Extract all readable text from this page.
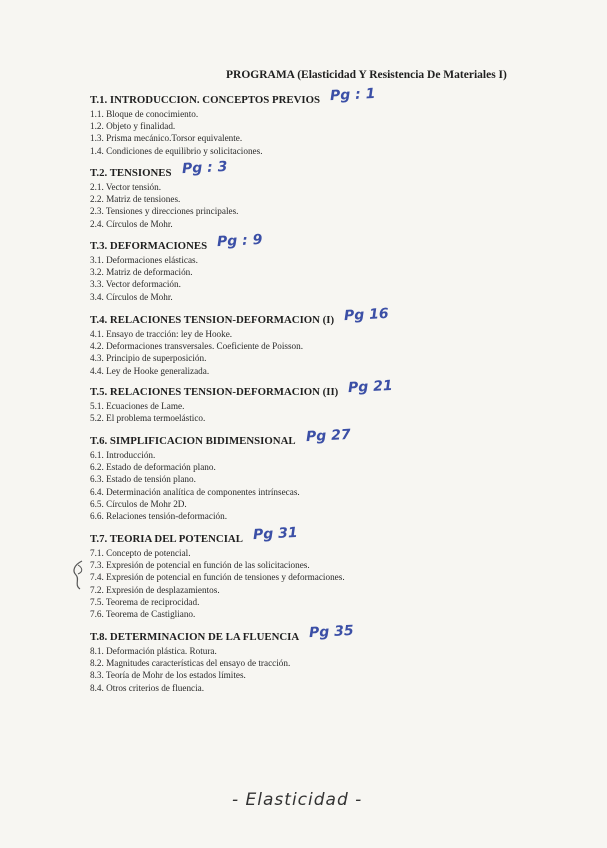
PROGRAMA (Elasticidad Y Resistencia De Materiales I)
T.1. INTRODUCCION. CONCEPTOS PREVIOS Pg : 1
1.1. Bloque de conocimiento.
1.2. Objeto y finalidad.
1.3. Prisma mecánico.Torsor equivalente.
1.4. Condiciones de equilibrio y solicitaciones.
T.2. TENSIONES Pg : 3
2.1. Vector tensión.
2.2. Matriz de tensiones.
2.3. Tensiones y direcciones principales.
2.4. Círculos de Mohr.
T.3. DEFORMACIONES Pg : 9
3.1. Deformaciones elásticas.
3.2. Matriz de deformación.
3.3. Vector deformación.
3.4. Círculos de Mohr.
T.4. RELACIONES TENSION-DEFORMACION (I) Pg 16
4.1. Ensayo de tracción: ley de Hooke.
4.2. Deformaciones transversales. Coeficiente de Poisson.
4.3. Principio de superposición.
4.4. Ley de Hooke generalizada.
T.5. RELACIONES TENSION-DEFORMACION (II) Pg 21
5.1. Ecuaciones de Lame.
5.2. El problema termoelástico.
T.6. SIMPLIFICACION BIDIMENSIONAL Pg 27
6.1. Introducción.
6.2. Estado de deformación plano.
6.3. Estado de tensión plano.
6.4. Determinación analítica de componentes intrínsecas.
6.5. Círculos de Mohr 2D.
6.6. Relaciones tensión-deformación.
T.7. TEORIA DEL POTENCIAL Pg 31
7.1. Concepto de potencial.
7.3. Expresión de potencial en función de las solicitaciones.
7.4. Expresión de potencial en función de tensiones y deformaciones.
7.2. Expresión de desplazamientos.
7.5. Teorema de reciprocidad.
7.6. Teorema de Castigliano.
T.8. DETERMINACION DE LA FLUENCIA Pg 35
8.1. Deformación plástica. Rotura.
8.2. Magnitudes características del ensayo de tracción.
8.3. Teoría de Mohr de los estados límites.
8.4. Otros criterios de fluencia.
- Elasticidad -
